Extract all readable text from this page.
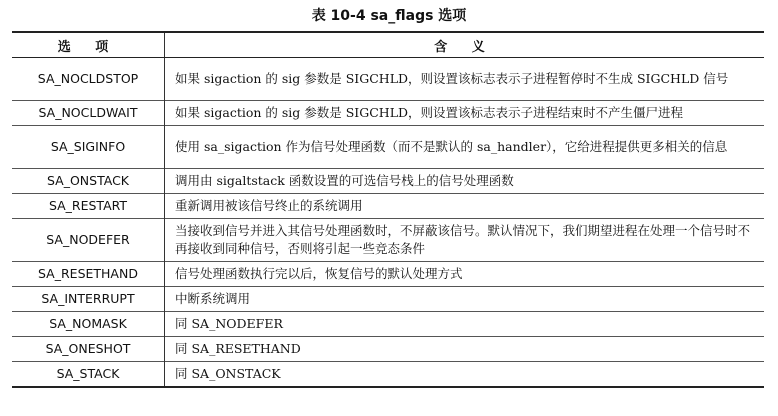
表 10-4 sa_flags 选项
选 项	含 义
SA_NOCLDSTOP	如果 sigaction 的 sig 参数是 SIGCHLD，则设置该标志表示子进程暂停时不生成 SIGCHLD 信号
SA_NOCLDWAIT	如果 sigaction 的 sig 参数是 SIGCHLD，则设置该标志表示子进程结束时不产生僵尸进程
SA_SIGINFO	使用 sa_sigaction 作为信号处理函数（而不是默认的 sa_handler），它给进程提供更多相关的信息
SA_ONSTACK	调用由 sigaltstack 函数设置的可选信号栈上的信号处理函数
SA_RESTART	重新调用被该信号终止的系统调用
SA_NODEFER	当接收到信号并进入其信号处理函数时，不屏蔽该信号。默认情况下，我们期望进程在处理一个信号时不再接收到同种信号，否则将引起一些竞态条件
SA_RESETHAND	信号处理函数执行完以后，恢复信号的默认处理方式
SA_INTERRUPT	中断系统调用
SA_NOMASK	同 SA_NODEFER
SA_ONESHOT	同 SA_RESETHAND
SA_STACK	同 SA_ONSTACK
